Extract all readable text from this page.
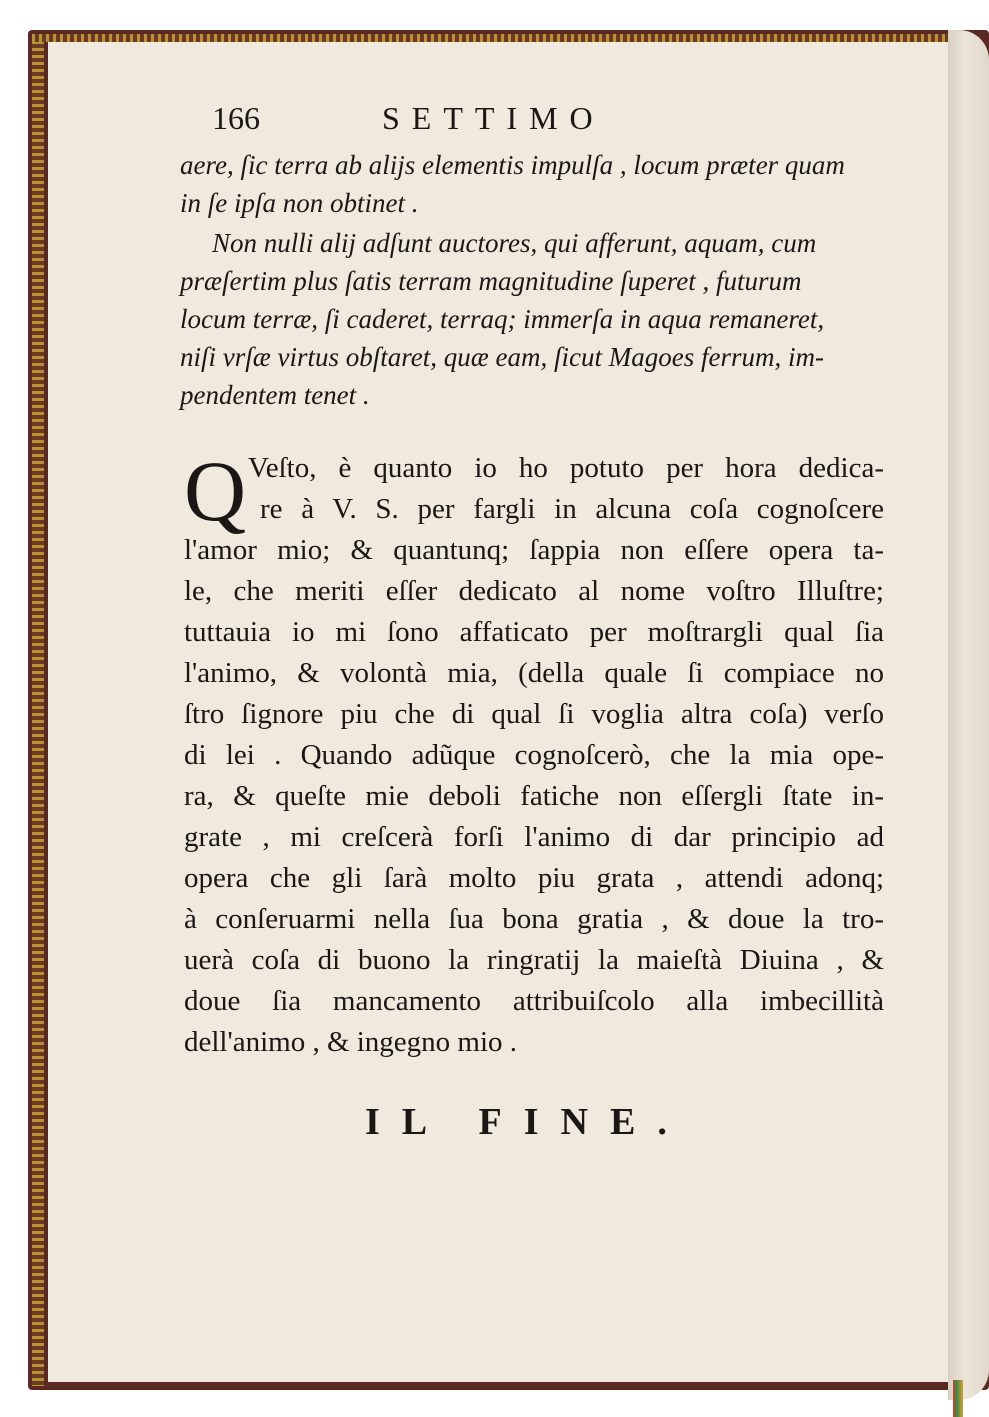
166	SETTIMO
aere, ſic terra ab alijs elementis impulſa , locum præter quam
in ſe ipſa non obtinet .
Non nulli alij adſunt auctores, qui afferunt, aquam, cum
præſertim plus ſatis terram magnitudine ſuperet , futurum
locum terræ, ſi caderet, terraq; immerſa in aqua remaneret,
niſi vrſæ virtus obſtaret, quæ eam, ſicut Magoes ferrum, im-
pendentem tenet .
Q Veſto, è quanto io ho potuto per hora dedica-
re à V. S. per fargli in alcuna coſa cognoſcere
l'amor mio; & quantunq; ſappia non eſſere opera ta-
le, che meriti eſſer dedicato al nome voſtro Illuſtre;
tuttauia io mi ſono affaticato per moſtrargli qual ſia
l'animo, & volontà mia, (della quale ſi compiace no
ſtro ſignore piu che di qual ſi voglia altra coſa) verſo
di lei . Quando adũque cognoſcerò, che la mia ope-
ra, & queſte mie deboli fatiche non eſſergli ſtate in-
grate , mi creſcerà forſi l'animo di dar principio ad
opera che gli ſarà molto piu grata , attendi adonq;
à conſeruarmi nella ſua bona gratia , & doue la tro-
uerà coſa di buono la ringratij la maieſtà Diuina , &
doue ſia mancamento attribuiſcolo alla imbecillità
dell'animo , & ingegno mio .
IL FINE.
